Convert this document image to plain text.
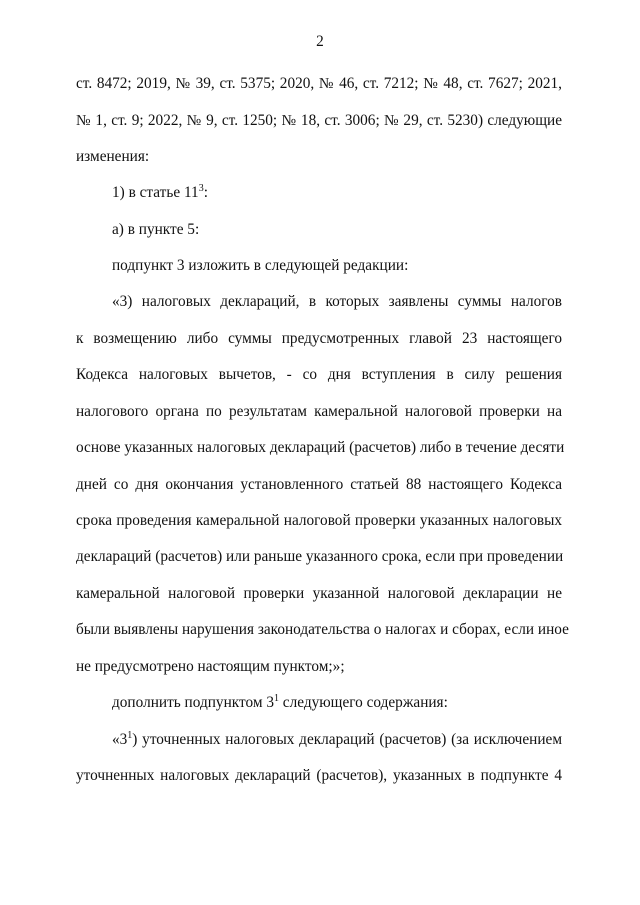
2
ст. 8472; 2019, № 39, ст. 5375; 2020, № 46, ст. 7212; № 48, ст. 7627; 2021,
№ 1, ст. 9; 2022, № 9, ст. 1250; № 18, ст. 3006; № 29, ст. 5230) следующие
изменения:
1) в статье $11^3$:
а) в пункте 5:
подпункт 3 изложить в следующей редакции:
«3) налоговых деклараций, в которых заявлены суммы налогов
к возмещению либо суммы предусмотренных главой 23 настоящего
Кодекса налоговых вычетов, - со дня вступления в силу решения
налогового органа по результатам камеральной налоговой проверки на
основе указанных налоговых деклараций (расчетов) либо в течение десяти
дней со дня окончания установленного статьей 88 настоящего Кодекса
срока проведения камеральной налоговой проверки указанных налоговых
деклараций (расчетов) или раньше указанного срока, если при проведении
камеральной налоговой проверки указанной налоговой декларации не
были выявлены нарушения законодательства о налогах и сборах, если иное
не предусмотрено настоящим пунктом;»;
дополнить подпунктом $3^1$ следующего содержания:
«$3^1$) уточненных налоговых деклараций (расчетов) (за исключением
уточненных налоговых деклараций (расчетов), указанных в подпункте 4
